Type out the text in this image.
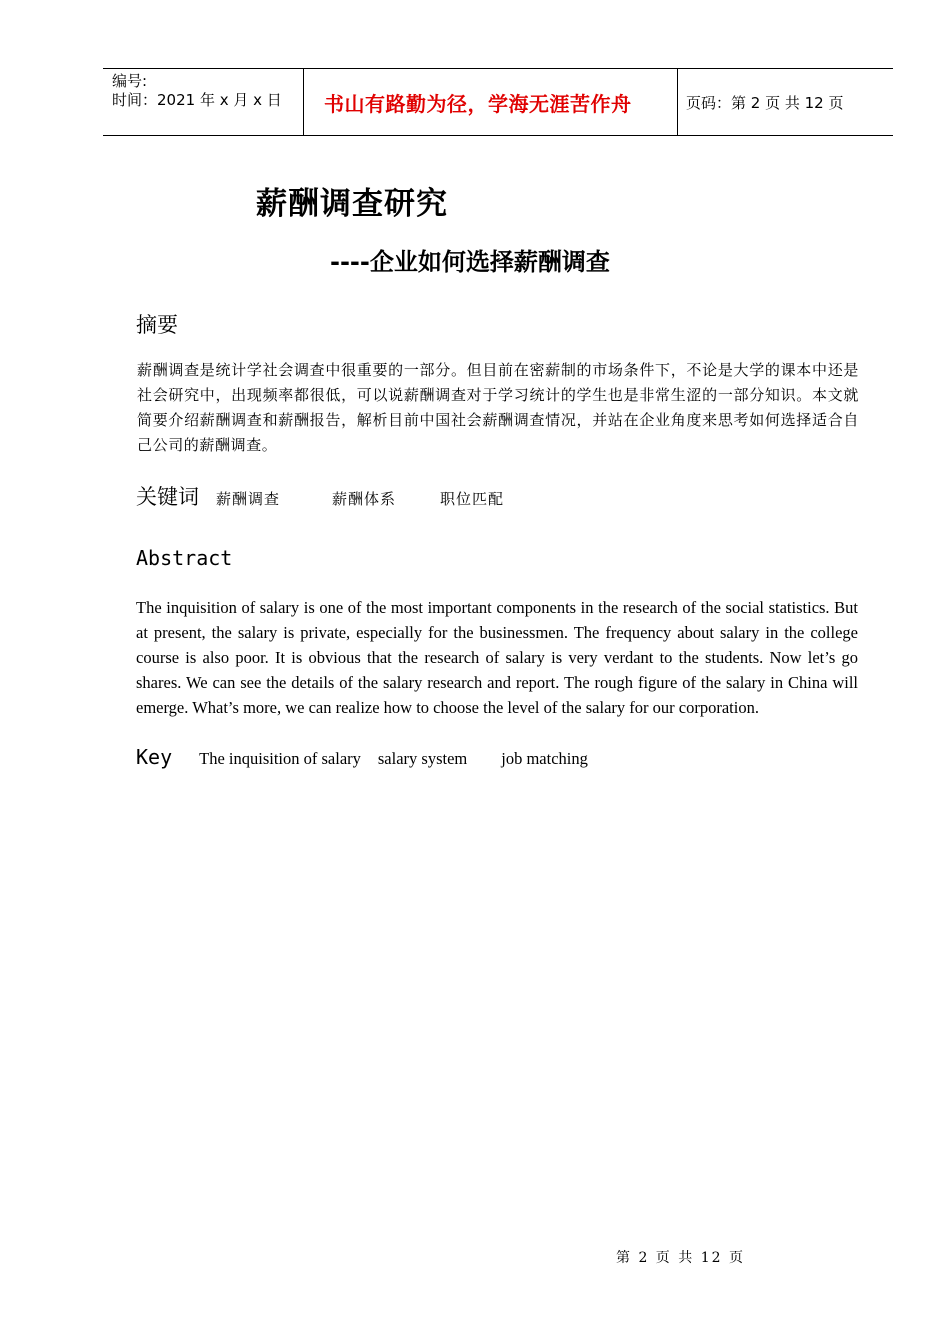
编号:
时间：2021 年 x 月 x 日	书山有路勤为径，学海无涯苦作舟	页码：第 2 页 共 12 页
薪酬调查研究
----企业如何选择薪酬调查
摘要
薪酬调查是统计学社会调查中很重要的一部分。但目前在密薪制的市场条件下，不论是大学的课本中还是社会研究中，出现频率都很低，可以说薪酬调查对于学习统计的学生也是非常生涩的一部分知识。本文就简要介绍薪酬调查和薪酬报告，解析目前中国社会薪酬调查情况，并站在企业角度来思考如何选择适合自己公司的薪酬调查。
关键词 薪酬调查	薪酬体系	职位匹配
Abstract
The inquisition of salary is one of the most important components in the research of the social statistics. But at present, the salary is private, especially for the businessmen. The frequency about salary in the college course is also poor. It is obvious that the research of salary is very verdant to the students. Now let’s go shares. We can see the details of the salary research and report. The rough figure of the salary in China will emerge. What’s more, we can realize how to choose the level of the salary for our corporation.
Key The inquisition of salary salary system job matching
第 2 页 共 12 页
